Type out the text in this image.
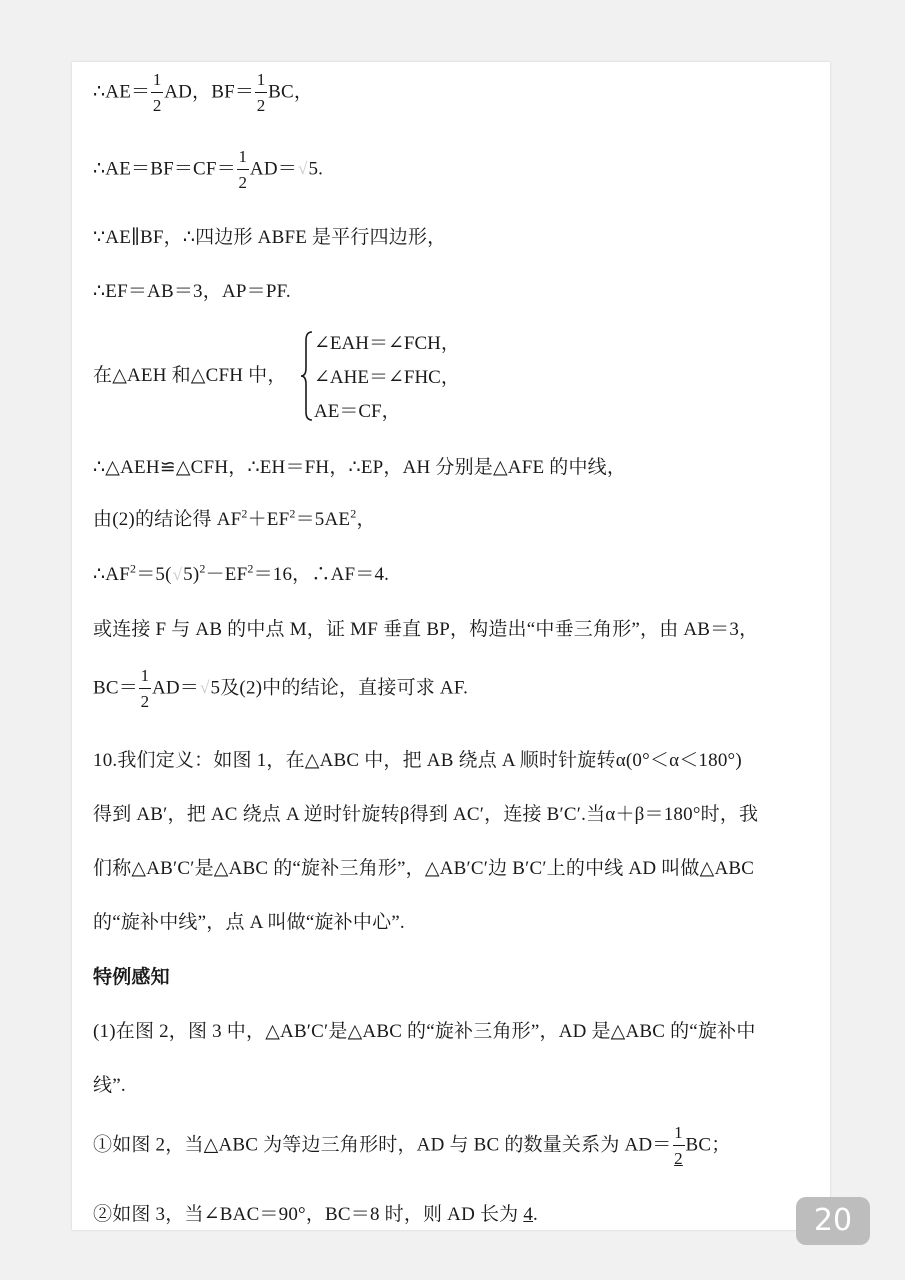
∴AE＝ $\frac{1}{2}$ AD，$BF= \frac{1}{2}$ BC，
∴AE＝BF＝CF＝ $\frac{1}{2} AD=√5$.
∵AE∥BF，∴四边形 ABFE 是平行四边形，
∴EF＝AB＝3，AP＝PF.
在△AEH 和△CFH 中，
∠EAH＝∠FCH，
∠AHE＝∠FHC，
AE＝CF，
∴△AEH≌△CFH，∴EH＝FH，∴EP，AH 分别是△AFE 的中线，
由(2)的结论得 $AF^2+EF^2=5AE^2$，
$\therefore AF^2=5(√5)^2-EF^2=16$，∴AF＝4.
或连接 F 与 AB 的中点 M，证 MF 垂直 BP，构造出“中垂三角形”，由 AB＝3，
$BC= \frac{1}{2} AD=√5$及(2)中的结论，直接可求 AF.
10.我们定义：如图 1，在△ABC 中，把 AB 绕点 A 顺时针旋转α(0°＜α＜180°)
得到 AB′，把 AC 绕点 A 逆时针旋转β得到 AC′，连接 B′C′.当α＋β＝180°时，我
们称△AB′C′是△ABC 的“旋补三角形”，△AB′C′边 B′C′上的中线 AD 叫做△ABC
的“旋补中线”，点 A 叫做“旋补中心”.
特例感知
(1)在图 2，图 3 中，△AB′C′是△ABC 的“旋补三角形”，AD 是△ABC 的“旋补中
线”.
①如图 2，当△ABC 为等边三角形时，AD 与 BC 的数量关系为 $AD= \frac{1}{2}$ BC；
②如图 3，当∠BAC＝90°，BC＝8 时，则 AD 长为 4.	20
